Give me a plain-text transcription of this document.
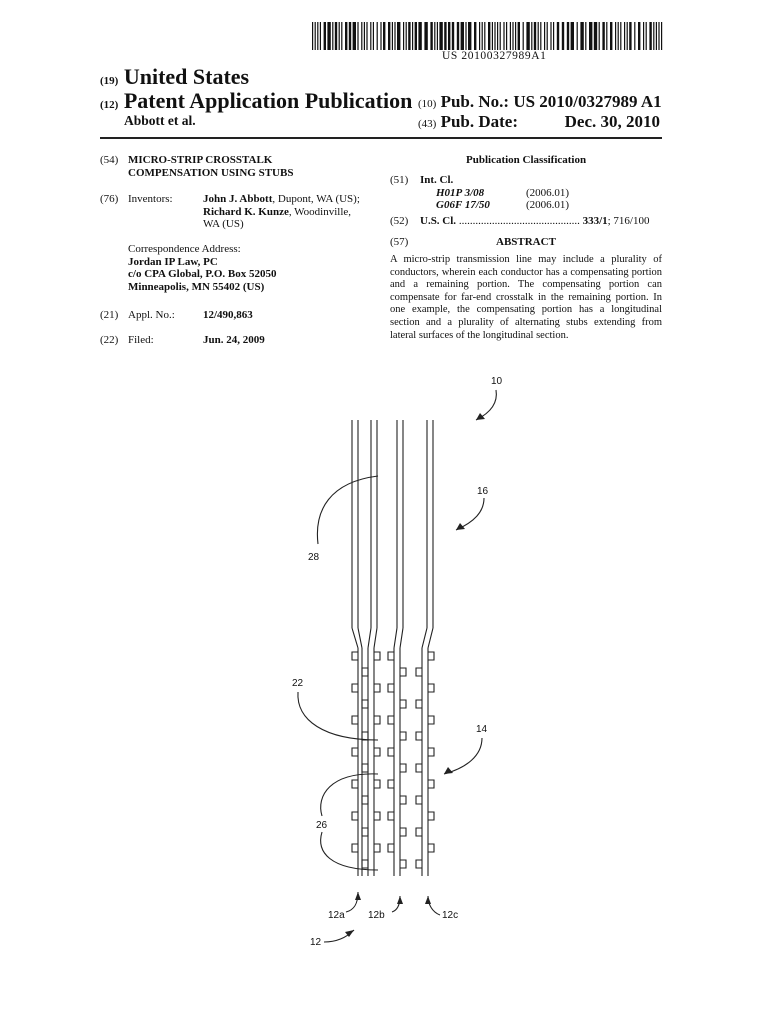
US 20100327989A1
(19) United States
(12) Patent Application Publication
Abbott et al.
(10) Pub. No.: US 2010/0327989 A1
(43) Pub. Date:	Dec. 30, 2010
(54) MICRO-STRIP CROSSTALK
COMPENSATION USING STUBS
(76) Inventors:	John J. Abbott, Dupont, WA (US);
Richard K. Kunze, Woodinville,
WA (US)
Correspondence Address:
Jordan IP Law, PC
c/o CPA Global, P.O. Box 52050
Minneapolis, MN 55402 (US)
(21) Appl. No.:	12/490,863
(22) Filed:	Jun. 24, 2009
Publication Classification
(51) Int. Cl.
H01P 3/08	(2006.01)
G06F 17/50	(2006.01)
(52) U.S. Cl. ............................................ 333/1; 716/100
(57)	ABSTRACT
A micro-strip transmission line may include a plurality of conductors, wherein each conductor has a compensating portion and a remaining portion. The compensating portion can compensate for far-end crosstalk in the remaining portion. In one example, the compensating portion has a longitudinal section and a plurality of alternating stubs extending from lateral surfaces of the longitudinal section.
10
16
28
22
14
26
12a 12b	12c
12
